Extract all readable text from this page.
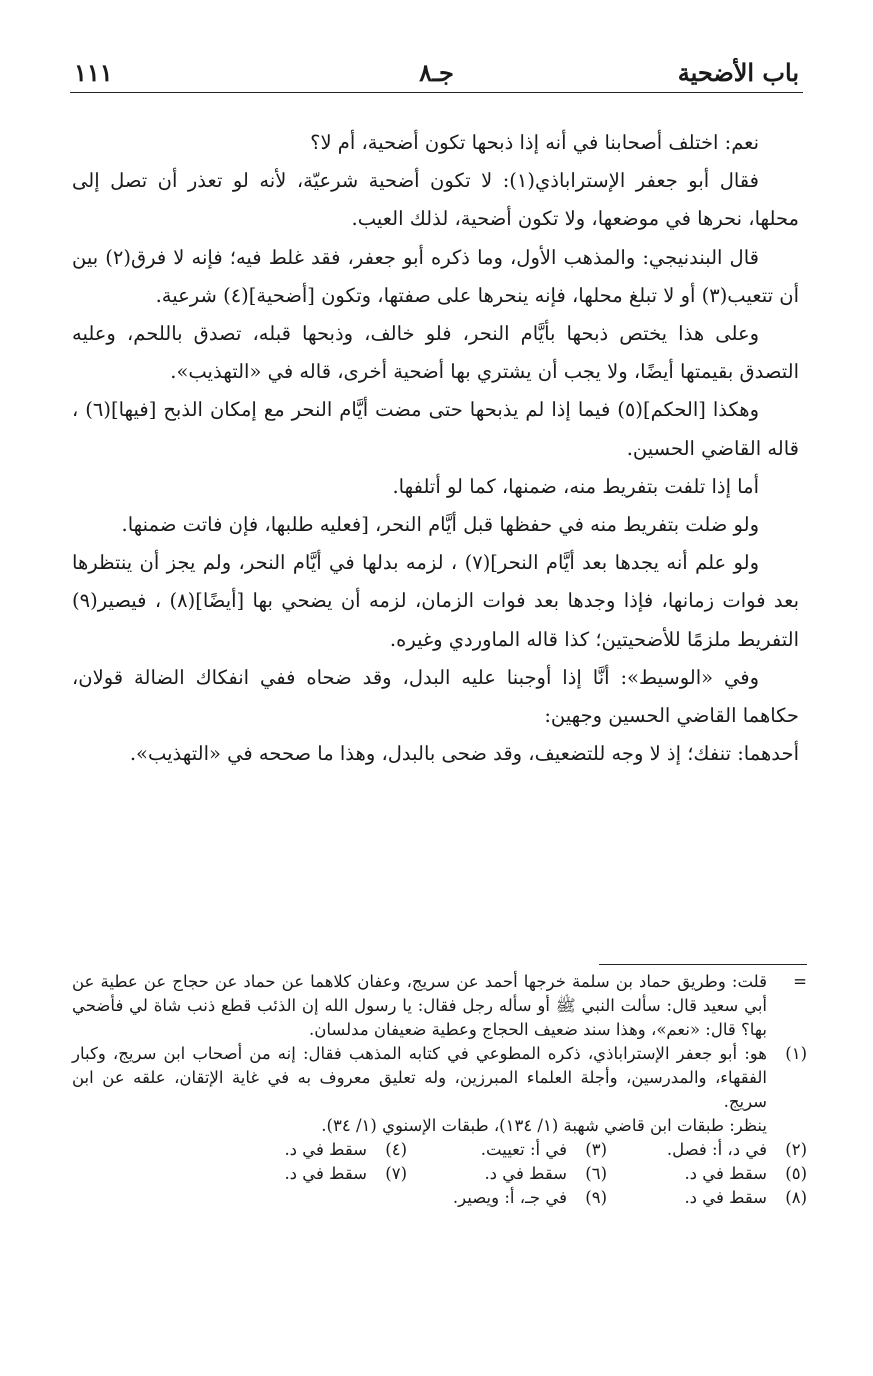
باب الأضحية
جـ٨
١١١

نعم: اختلف أصحابنا في أنه إذا ذبحها تكون أضحية، أم لا؟

فقال أبو جعفر الإستراباذي(١): لا تكون أضحية شرعيّة، لأنه لو تعذر أن تصل إلى محلها، نحرها في موضعها، ولا تكون أضحية، لذلك العيب.

قال البندنيجي: والمذهب الأول، وما ذكره أبو جعفر، فقد غلط فيه؛ فإنه لا فرق(٢) بين أن تتعيب(٣) أو لا تبلغ محلها، فإنه ينحرها على صفتها، وتكون [أضحية](٤) شرعية.

وعلى هذا يختص ذبحها بأيَّام النحر، فلو خالف، وذبحها قبله، تصدق باللحم، وعليه التصدق بقيمتها أيضًا، ولا يجب أن يشتري بها أضحية أخرى، قاله في «التهذيب».

وهكذا [الحكم](٥) فيما إذا لم يذبحها حتى مضت أيَّام النحر مع إمكان الذبح [فيها](٦) ، قاله القاضي الحسين.

أما إذا تلفت بتفريط منه، ضمنها، كما لو أتلفها.

ولو ضلت بتفريط منه في حفظها قبل أيَّام النحر، [فعليه طلبها، فإن فاتت ضمنها.

ولو علم أنه يجدها بعد أيَّام النحر](٧) ، لزمه بدلها في أيَّام النحر، ولم يجز أن ينتظرها بعد فوات زمانها، فإذا وجدها بعد فوات الزمان، لزمه أن يضحي بها [أيضًا](٨) ، فيصير(٩) التفريط ملزمًا للأضحيتين؛ كذا قاله الماوردي وغيره.

وفي «الوسيط»: أنَّا إذا أوجبنا عليه البدل، وقد ضحاه ففي انفكاك الضالة قولان، حكاهما القاضي الحسين وجهين:

أحدهما: تنفك؛ إذ لا وجه للتضعيف، وقد ضحى بالبدل، وهذا ما صححه في «التهذيب».

=
قلت: وطريق حماد بن سلمة خرجها أحمد عن سريج، وعفان كلاهما عن حماد عن حجاج عن عطية عن أبي سعيد قال: سألت النبي ﷺ أو سأله رجل فقال: يا رسول الله إن الذئب قطع ذنب شاة لي فأضحي بها؟ قال: «نعم»، وهذا سند ضعيف الحجاج وعطية ضعيفان مدلسان.

(١)
هو: أبو جعفر الإستراباذي، ذكره المطوعي في كتابه المذهب فقال: إنه من أصحاب ابن سريج، وكبار الفقهاء، والمدرسين، وأجلة العلماء المبرزين، وله تعليق معروف به في غاية الإتقان، علقه عن ابن سريج.

ينظر: طبقات ابن قاضي شهبة (١/ ١٣٤)، طبقات الإسنوي (١/ ٣٤).

(٢)
في د، أ: فصل.
(٣)
في أ: تعييت.
(٤)
سقط في د.
(٥)
سقط في د.
(٦)
سقط في د.
(٧)
سقط في د.
(٨)
سقط في د.
(٩)
في جـ، أ: ويصير.
